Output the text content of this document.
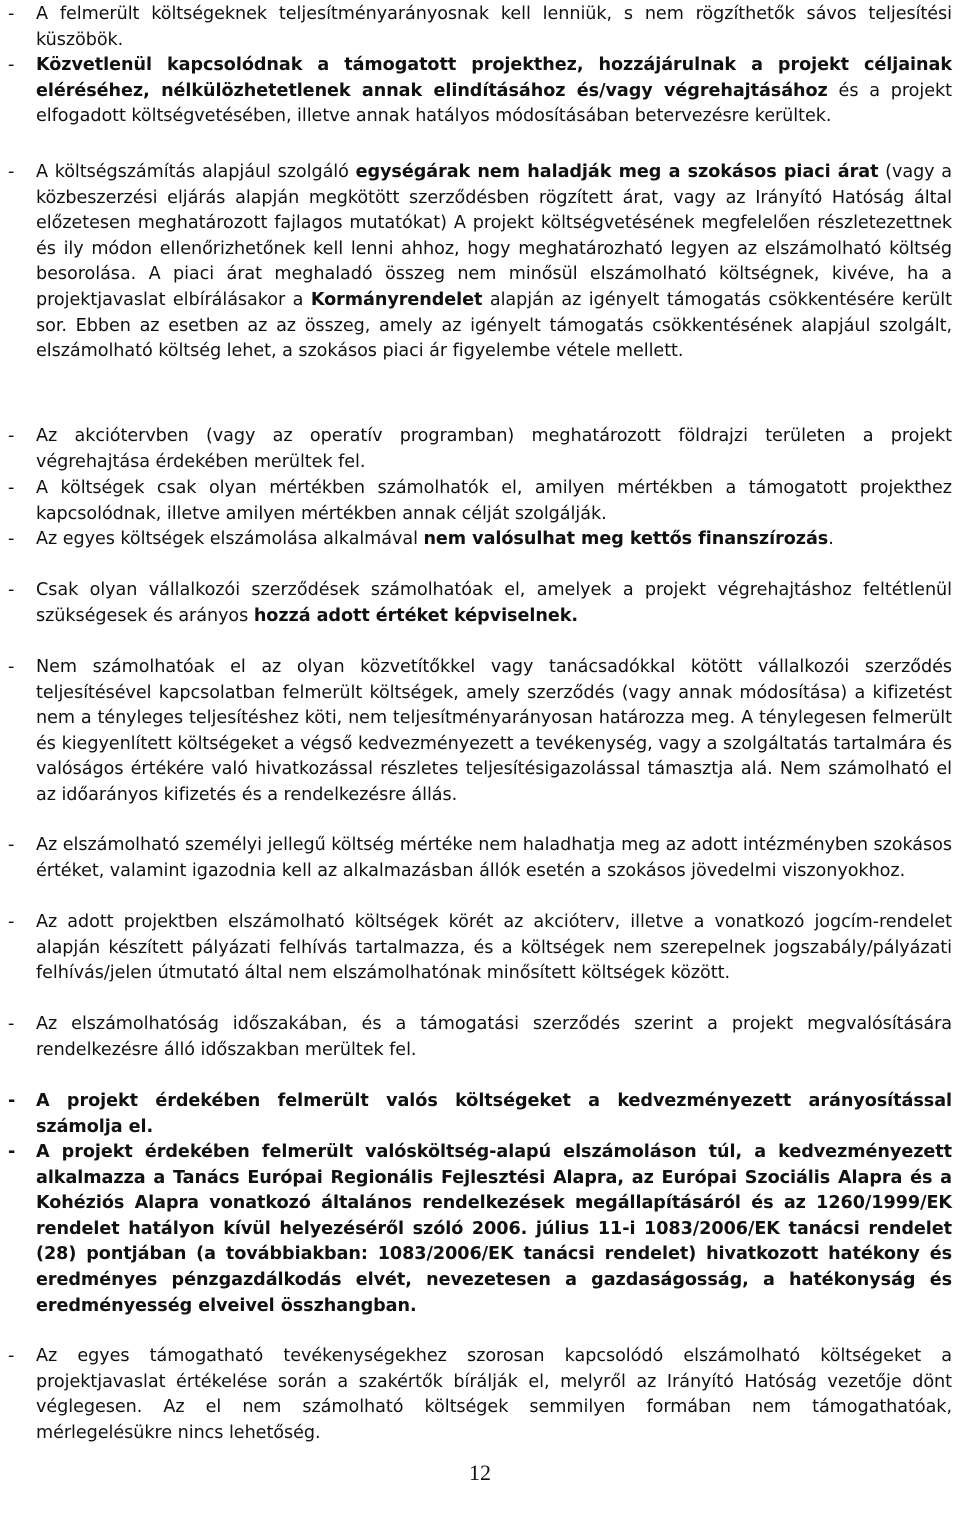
- A felmerült költségeknek teljesítményarányosnak kell lenniük, s nem rögzíthetők sávos teljesítési küszöbök.
- Közvetlenül kapcsolódnak a támogatott projekthez, hozzájárulnak a projekt céljainak eléréséhez, nélkülözhetetlenek annak elindításához és/vagy végrehajtásához és a projekt elfogadott költségvetésében, illetve annak hatályos módosításában betervezésre kerültek.
- A költségszámítás alapjául szolgáló egységárak nem haladják meg a szokásos piaci árat (vagy a közbeszerzési eljárás alapján megkötött szerződésben rögzített árat, vagy az Irányító Hatóság által előzetesen meghatározott fajlagos mutatókat) A projekt költségvetésének megfelelően részletezettnek és ily módon ellenőrizhetőnek kell lenni ahhoz, hogy meghatározható legyen az elszámolható költség besorolása. A piaci árat meghaladó összeg nem minősül elszámolható költségnek, kivéve, ha a projektjavaslat elbírálásakor a Kormányrendelet alapján az igényelt támogatás csökkentésére került sor. Ebben az esetben az az összeg, amely az igényelt támogatás csökkentésének alapjául szolgált, elszámolható költség lehet, a szokásos piaci ár figyelembe vétele mellett.
- Az akciótervben (vagy az operatív programban) meghatározott földrajzi területen a projekt végrehajtása érdekében merültek fel.
- A költségek csak olyan mértékben számolhatók el, amilyen mértékben a támogatott projekthez kapcsolódnak, illetve amilyen mértékben annak célját szolgálják.
- Az egyes költségek elszámolása alkalmával nem valósulhat meg kettős finanszírozás.
- Csak olyan vállalkozói szerződések számolhatóak el, amelyek a projekt végrehajtáshoz feltétlenül szükségesek és arányos hozzá adott értéket képviselnek.
- Nem számolhatóak el az olyan közvetítőkkel vagy tanácsadókkal kötött vállalkozói szerződés teljesítésével kapcsolatban felmerült költségek, amely szerződés (vagy annak módosítása) a kifizetést nem a tényleges teljesítéshez köti, nem teljesítményarányosan határozza meg. A ténylegesen felmerült és kiegyenlített költségeket a végső kedvezményezett a tevékenység, vagy a szolgáltatás tartalmára és valóságos értékére való hivatkozással részletes teljesítésigazolással támasztja alá. Nem számolható el az időarányos kifizetés és a rendelkezésre állás.
- Az elszámolható személyi jellegű költség mértéke nem haladhatja meg az adott intézményben szokásos értéket, valamint igazodnia kell az alkalmazásban állók esetén a szokásos jövedelmi viszonyokhoz.
- Az adott projektben elszámolható költségek körét az akcióterv, illetve a vonatkozó jogcím-rendelet alapján készített pályázati felhívás tartalmazza, és a költségek nem szerepelnek jogszabály/pályázati felhívás/jelen útmutató által nem elszámolhatónak minősített költségek között.
- Az elszámolhatóság időszakában, és a támogatási szerződés szerint a projekt megvalósítására rendelkezésre álló időszakban merültek fel.
- A projekt érdekében felmerült valós költségeket a kedvezményezett arányosítással számolja el.
- A projekt érdekében felmerült valósköltség-alapú elszámoláson túl, a kedvezményezett alkalmazza a Tanács Európai Regionális Fejlesztési Alapra, az Európai Szociális Alapra és a Kohéziós Alapra vonatkozó általános rendelkezések megállapításáról és az 1260/1999/EK rendelet hatályon kívül helyezéséről szóló 2006. július 11-i 1083/2006/EK tanácsi rendelet (28) pontjában (a továbbiakban: 1083/2006/EK tanácsi rendelet) hivatkozott hatékony és eredményes pénzgazdálkodás elvét, nevezetesen a gazdaságosság, a hatékonyság és eredményesség elveivel összhangban.
- Az egyes támogatható tevékenységekhez szorosan kapcsolódó elszámolható költségeket a projektjavaslat értékelése során a szakértők bírálják el, melyről az Irányító Hatóság vezetője dönt véglegesen. Az el nem számolható költségek semmilyen formában nem támogathatóak, mérlegelésükre nincs lehetőség.
12
